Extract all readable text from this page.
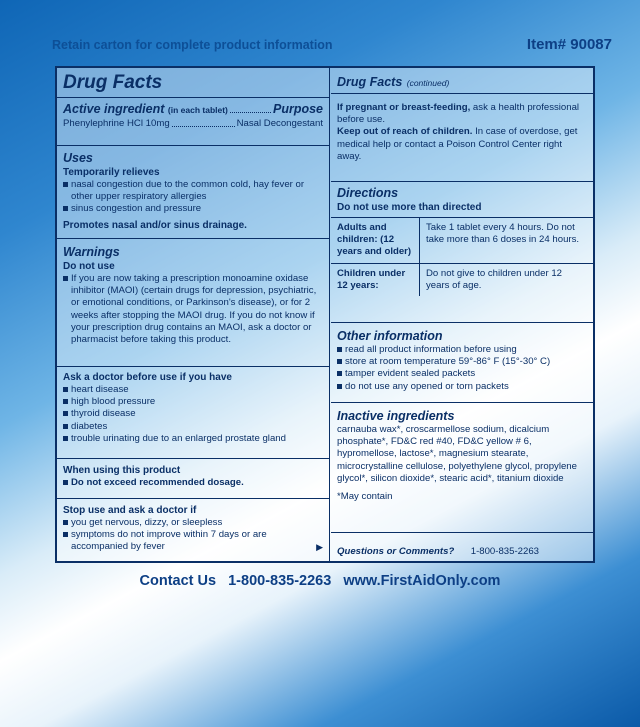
Retain carton for complete product information	Item# 90087
Drug Facts
Active ingredient (in each tablet)	Purpose
Phenylephrine HCl 10mg	Nasal Decongestant
Uses
Temporarily relieves
nasal congestion due to the common cold, hay fever or other upper respiratory allergies
sinus congestion and pressure
Promotes nasal and/or sinus drainage.
Warnings
Do not use
If you are now taking a prescription monoamine oxidase inhibitor (MAOI) (certain drugs for depression, psychiatric, or emotional conditions, or Parkinson's disease), or for 2 weeks after stopping the MAOI drug. If you do not know if your prescription drug contains an MAOI, ask a doctor or pharmacist before taking this product.
Ask a doctor before use if you have
heart disease
high blood pressure
thyroid disease
diabetes
trouble urinating due to an enlarged prostate gland
When using this product
Do not exceed recommended dosage.
Stop use and ask a doctor if
you get nervous, dizzy, or sleepless
symptoms do not improve within 7 days or are accompanied by fever	▶
Drug Facts (continued)
If pregnant or breast-feeding, ask a health professional before use.
Keep out of reach of children. In case of overdose, get medical help or contact a Poison Control Center right away.
Directions
Do not use more than directed
Adults and children: (12 years and older)	Take 1 tablet every 4 hours. Do not take more than 6 doses in 24 hours.
Children under 12 years:	Do not give to children under 12 years of age.
Other information
read all product information before using
store at room temperature 59°-86° F (15°-30° C)
tamper evident sealed packets
do not use any opened or torn packets
Inactive ingredients
carnauba wax*, croscarmellose sodium, dicalcium phosphate*, FD&C red #40, FD&C yellow # 6, hypromellose, lactose*, magnesium stearate, microcrystalline cellulose, polyethylene glycol, propylene glycol*, silicon dioxide*, stearic acid*, titanium dioxide
*May contain
Questions or Comments? 1-800-835-2263
Contact Us 1-800-835-2263 www.FirstAidOnly.com
